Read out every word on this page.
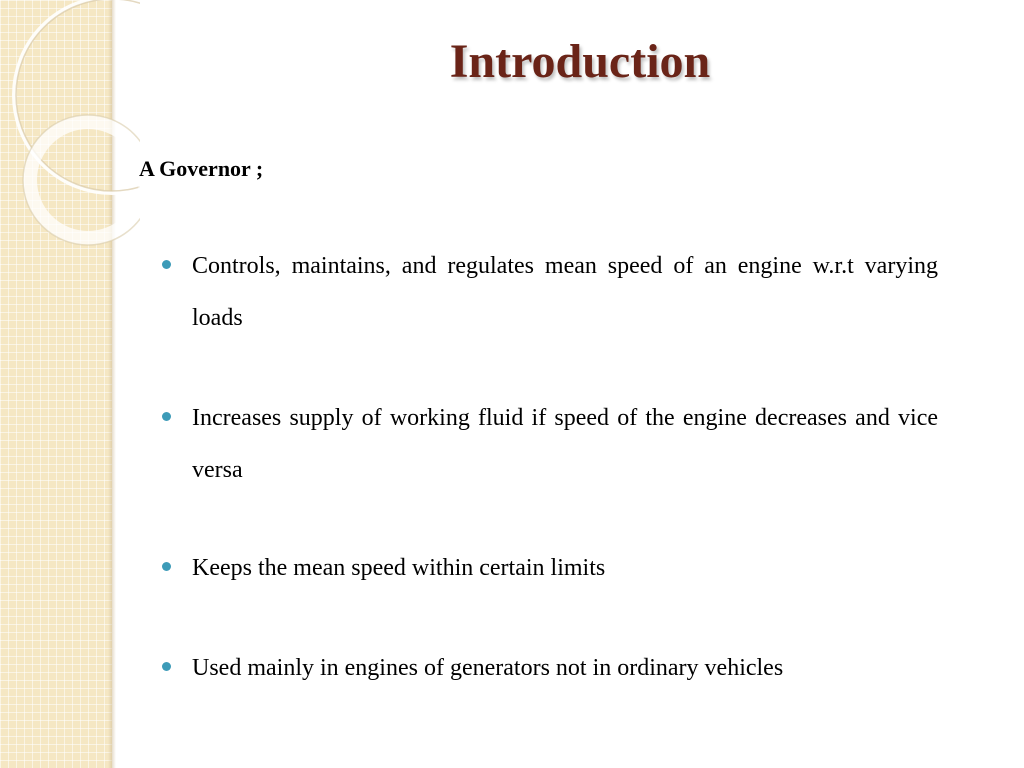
Introduction

A Governor ;

Controls, maintains, and regulates mean speed of an engine w.r.t varying loads
Increases supply of working fluid if speed of the engine decreases and vice versa
Keeps the mean speed within certain limits
Used mainly in engines of generators not in ordinary vehicles
